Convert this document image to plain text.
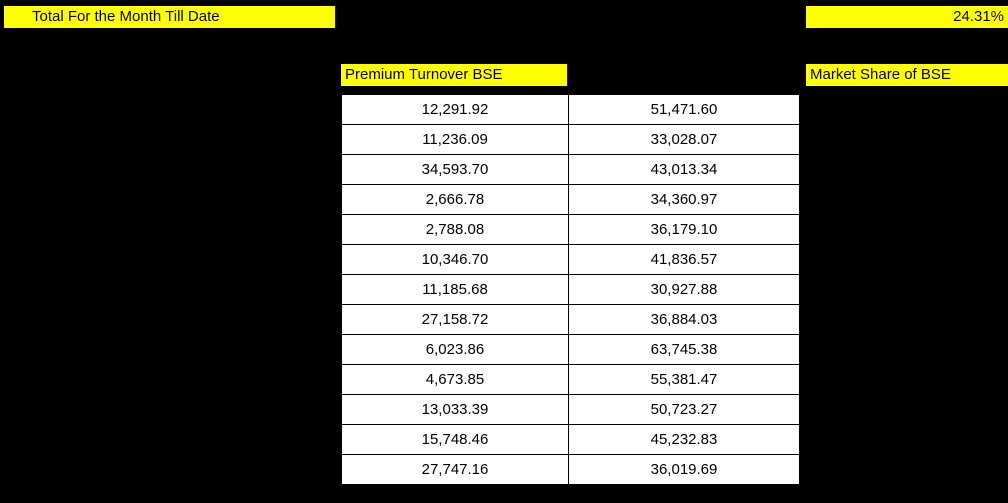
Total For the Month Till Date	24.31%
Premium Turnover BSE	Market Share of BSE
12,291.92	51,471.60
11,236.09	33,028.07
34,593.70	43,013.34
2,666.78	34,360.97
2,788.08	36,179.10
10,346.70	41,836.57
11,185.68	30,927.88
27,158.72	36,884.03
6,023.86	63,745.38
4,673.85	55,381.47
13,033.39	50,723.27
15,748.46	45,232.83
27,747.16	36,019.69
